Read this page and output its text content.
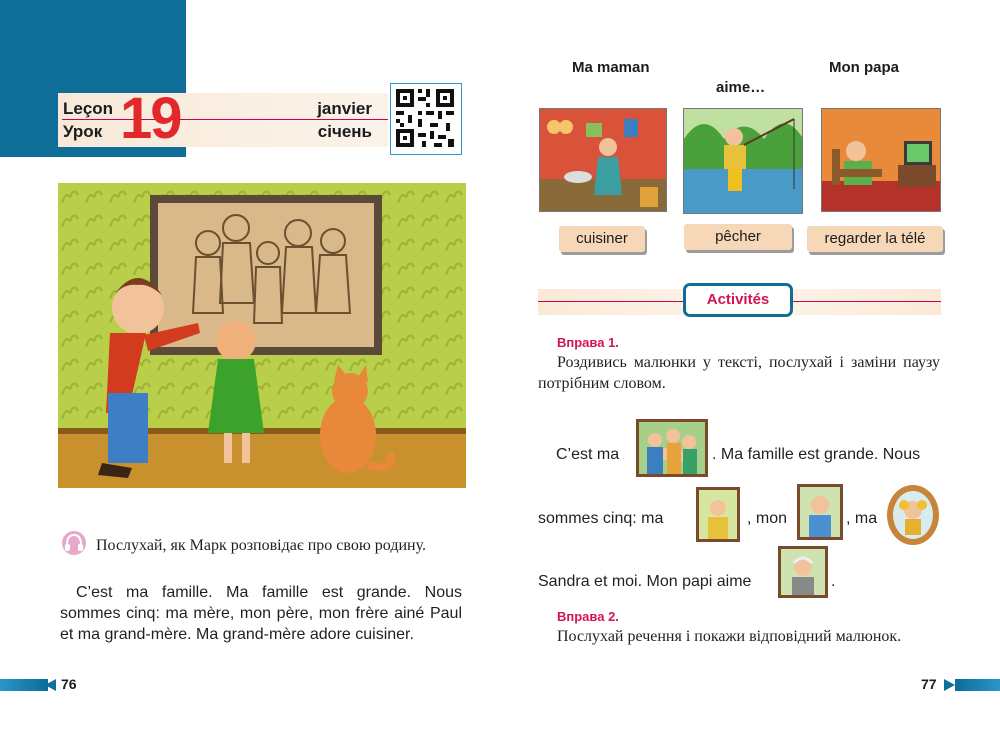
Leçon
Урок 19	janvier
січень
Послухай, як Марк розповідає про свою родину.
C’est ma famille. Ma famille est grande. Nous sommes cinq: ma mère, mon père, mon frère ainé Paul et ma grand-mère. Ma grand-mère adore cuisiner.
76
Ma maman
aime…
Mon papa
cuisiner	pêcher	regarder la télé
Activités
Вправа 1.
Роздивись малюнки у тексті, послухай і заміни паузу потрібним словом.
C’est ma	. Ma famille est grande. Nous
sommes cinq: ma	, mon	, ma
Sandra et moi. Mon papi aime	.
Вправа 2.
Послухай речення і покажи відповідний малюнок.
77
